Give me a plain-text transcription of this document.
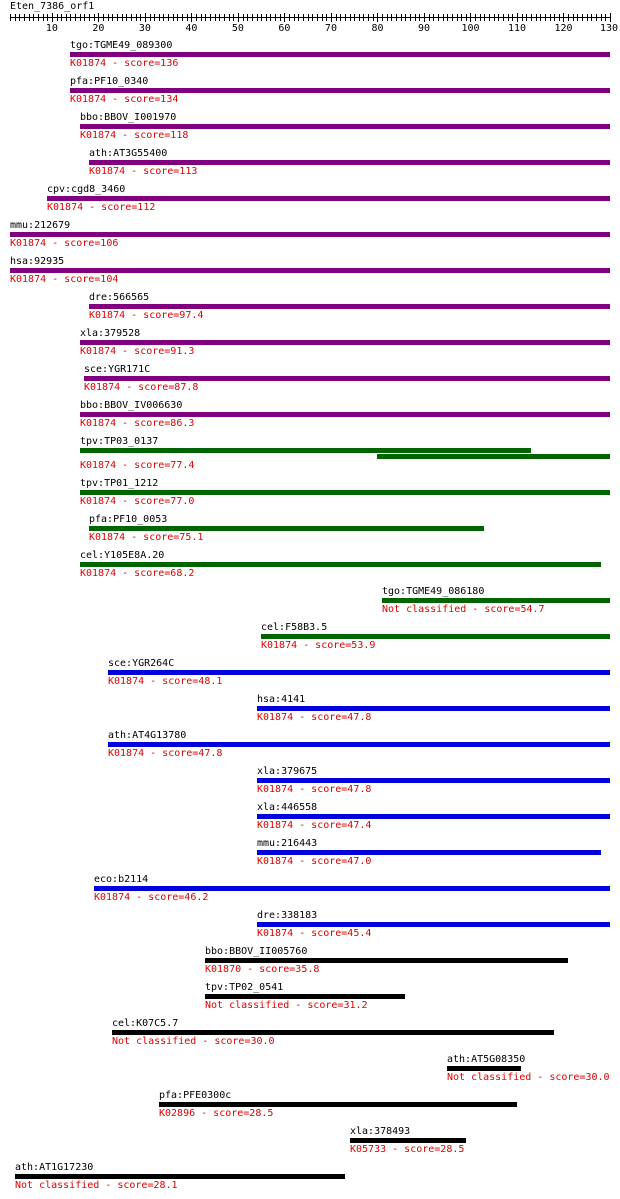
Eten_7386_orf1
10	20	30	40	50	60	70	80	90	100	110	120	130
tgo:TGME49_089300
K01874 - score=136
pfa:PF10_0340
K01874 - score=134
bbo:BBOV_I001970
K01874 - score=118
ath:AT3G55400
K01874 - score=113
cpv:cgd8_3460
K01874 - score=112
mmu:212679
K01874 - score=106
hsa:92935
K01874 - score=104
dre:566565
K01874 - score=97.4
xla:379528
K01874 - score=91.3
sce:YGR171C
K01874 - score=87.8
bbo:BBOV_IV006630
K01874 - score=86.3
tpv:TP03_0137
K01874 - score=77.4
tpv:TP01_1212
K01874 - score=77.0
pfa:PF10_0053
K01874 - score=75.1
cel:Y105E8A.20
K01874 - score=68.2
tgo:TGME49_086180
Not classified - score=54.7
cel:F58B3.5
K01874 - score=53.9
sce:YGR264C
K01874 - score=48.1
hsa:4141
K01874 - score=47.8
ath:AT4G13780
K01874 - score=47.8
xla:379675
K01874 - score=47.8
xla:446558
K01874 - score=47.4
mmu:216443
K01874 - score=47.0
eco:b2114
K01874 - score=46.2
dre:338183
K01874 - score=45.4
bbo:BBOV_II005760
K01870 - score=35.8
tpv:TP02_0541
Not classified - score=31.2
cel:K07C5.7
Not classified - score=30.0
ath:AT5G08350
Not classified - score=30.0
pfa:PFE0300c
K02896 - score=28.5
xla:378493
K05733 - score=28.5
ath:AT1G17230
Not classified - score=28.1
